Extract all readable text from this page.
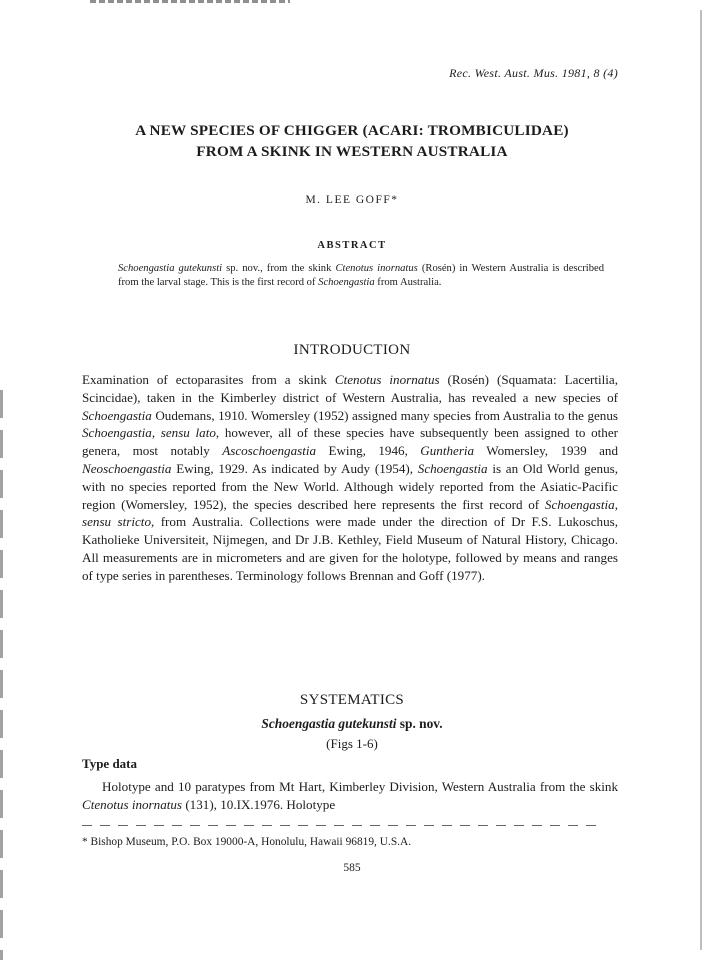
Rec. West. Aust. Mus. 1981, 8 (4)
A NEW SPECIES OF CHIGGER (ACARI: TROMBICULIDAE)
FROM A SKINK IN WESTERN AUSTRALIA
M. LEE GOFF*
ABSTRACT
Schoengastia gutekunsti sp. nov., from the skink Ctenotus inornatus (Rosén) in Western Australia is described from the larval stage. This is the first record of Schoengastia from Australia.
INTRODUCTION
Examination of ectoparasites from a skink Ctenotus inornatus (Rosén) (Squamata: Lacertilia, Scincidae), taken in the Kimberley district of Western Australia, has revealed a new species of Schoengastia Oudemans, 1910. Womersley (1952) assigned many species from Australia to the genus Schoengastia, sensu lato, however, all of these species have subsequently been assigned to other genera, most notably Ascoschoengastia Ewing, 1946, Guntheria Womersley, 1939 and Neoschoengastia Ewing, 1929. As indicated by Audy (1954), Schoengastia is an Old World genus, with no species reported from the New World. Although widely reported from the Asiatic-Pacific region (Womersley, 1952), the species described here represents the first record of Schoengastia, sensu stricto, from Australia. Collections were made under the direction of Dr F.S. Lukoschus, Katholieke Universiteit, Nijmegen, and Dr J.B. Kethley, Field Museum of Natural History, Chicago. All measurements are in micrometers and are given for the holotype, followed by means and ranges of type series in parentheses. Terminology follows Brennan and Goff (1977).
SYSTEMATICS
Schoengastia gutekunsti sp. nov.
(Figs 1-6)
Type data
Holotype and 10 paratypes from Mt Hart, Kimberley Division, Western Australia from the skink Ctenotus inornatus (131), 10.IX.1976. Holotype
* Bishop Museum, P.O. Box 19000-A, Honolulu, Hawaii 96819, U.S.A.
585
